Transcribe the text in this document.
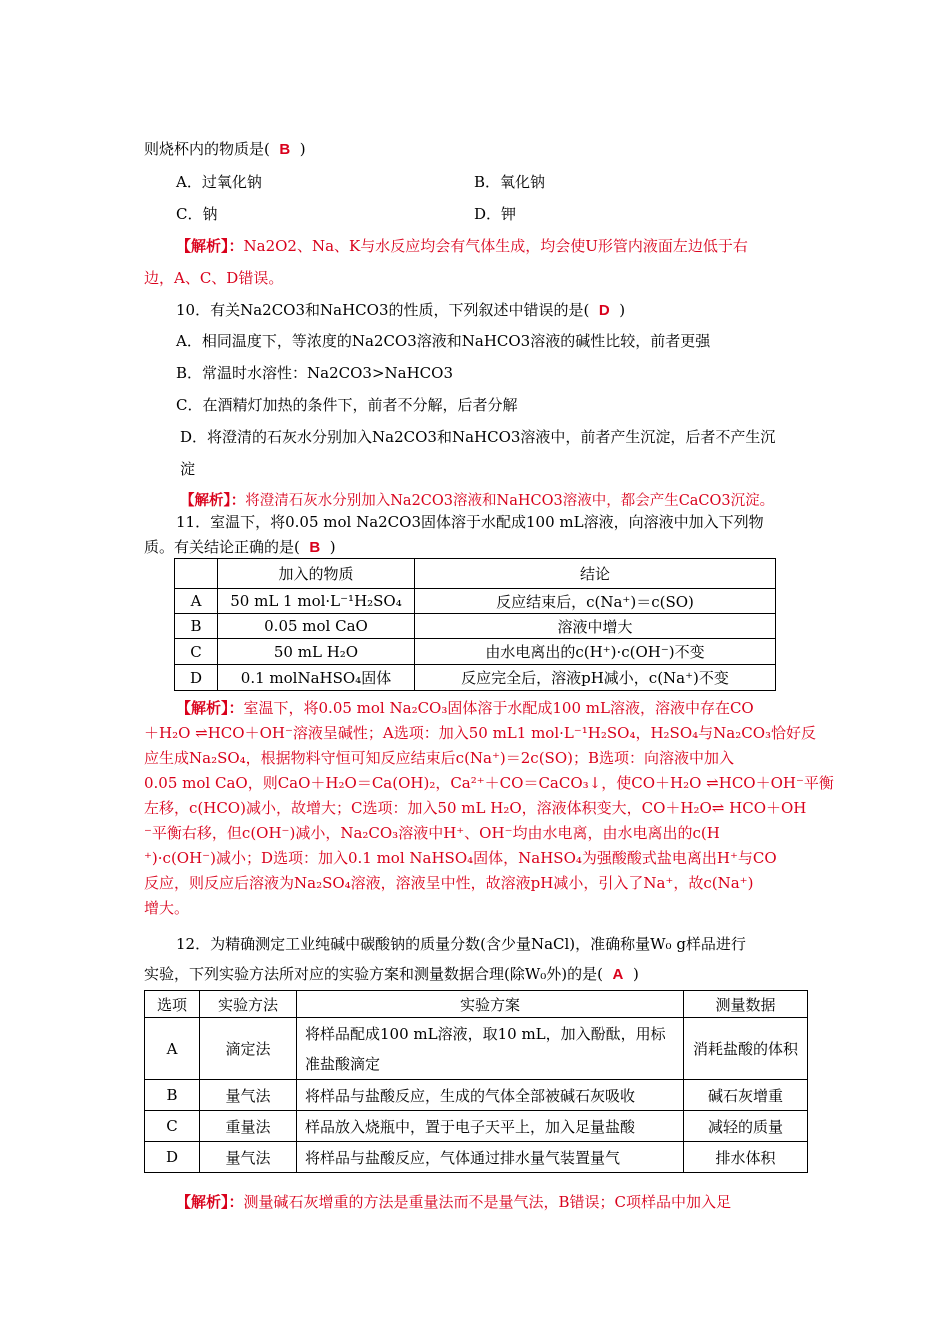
则烧杯内的物质是( B )
A．过氧化钠	B．氧化钠
C．钠	D．钾
【解析】：Na2O2、Na、K与水反应均会有气体生成，均会使U形管内液面左边低于右
边，A、C、D错误。
10．有关Na2CO3和NaHCO3的性质，下列叙述中错误的是( D )
A．相同温度下，等浓度的Na2CO3溶液和NaHCO3溶液的碱性比较，前者更强
B．常温时水溶性：Na2CO3>NaHCO3
C．在酒精灯加热的条件下，前者不分解，后者分解
D．将澄清的石灰水分别加入Na2CO3和NaHCO3溶液中，前者产生沉淀，后者不产生沉
淀
【解析】：将澄清石灰水分别加入Na2CO3溶液和NaHCO3溶液中，都会产生CaCO3沉淀。
11．室温下，将0.05 mol Na2CO3固体溶于水配成100 mL溶液，向溶液中加入下列物
质。有关结论正确的是( B )
	加入的物质	结论
A	50 mL 1 mol·L⁻¹H₂SO₄	反应结束后，c(Na⁺)＝c(SO)
B	0.05 mol CaO	溶液中增大
C	50 mL H₂O	由水电离出的c(H⁺)·c(OH⁻)不变
D	0.1 molNaHSO₄固体	反应完全后，溶液pH减小，c(Na⁺)不变
【解析】：室温下，将0.05 mol Na₂CO₃固体溶于水配成100 mL溶液，溶液中存在CO
＋H₂O ⇌HCO＋OH⁻溶液呈碱性；A选项：加入50 mL1 mol·L⁻¹H₂SO₄，H₂SO₄与Na₂CO₃恰好反
应生成Na₂SO₄，根据物料守恒可知反应结束后c(Na⁺)＝2c(SO)；B选项：向溶液中加入
0.05 mol CaO，则CaO＋H₂O＝Ca(OH)₂，Ca²⁺＋CO＝CaCO₃↓，使CO＋H₂O ⇌HCO＋OH⁻平衡
左移，c(HCO)减小，故增大；C选项：加入50 mL H₂O，溶液体积变大，CO＋H₂O⇌ HCO＋OH
⁻平衡右移，但c(OH⁻)减小，Na₂CO₃溶液中H⁺、OH⁻均由水电离，由水电离出的c(H
⁺)·c(OH⁻)减小；D选项：加入0.1 mol NaHSO₄固体，NaHSO₄为强酸酸式盐电离出H⁺与CO
反应，则反应后溶液为Na₂SO₄溶液，溶液呈中性，故溶液pH减小，引入了Na⁺，故c(Na⁺)
增大。
12．为精确测定工业纯碱中碳酸钠的质量分数(含少量NaCl)，准确称量W₀ g样品进行
实验，下列实验方法所对应的实验方案和测量数据合理(除W₀外)的是( A )
选项	实验方法	实验方案	测量数据
A	滴定法	将样品配成100 mL溶液，取10 mL，加入酚酞，用标准盐酸滴定	消耗盐酸的体积
B	量气法	将样品与盐酸反应，生成的气体全部被碱石灰吸收	碱石灰增重
C	重量法	样品放入烧瓶中，置于电子天平上，加入足量盐酸	减轻的质量
D	量气法	将样品与盐酸反应，气体通过排水量气装置量气	排水体积
【解析】：测量碱石灰增重的方法是重量法而不是量气法，B错误；C项样品中加入足
